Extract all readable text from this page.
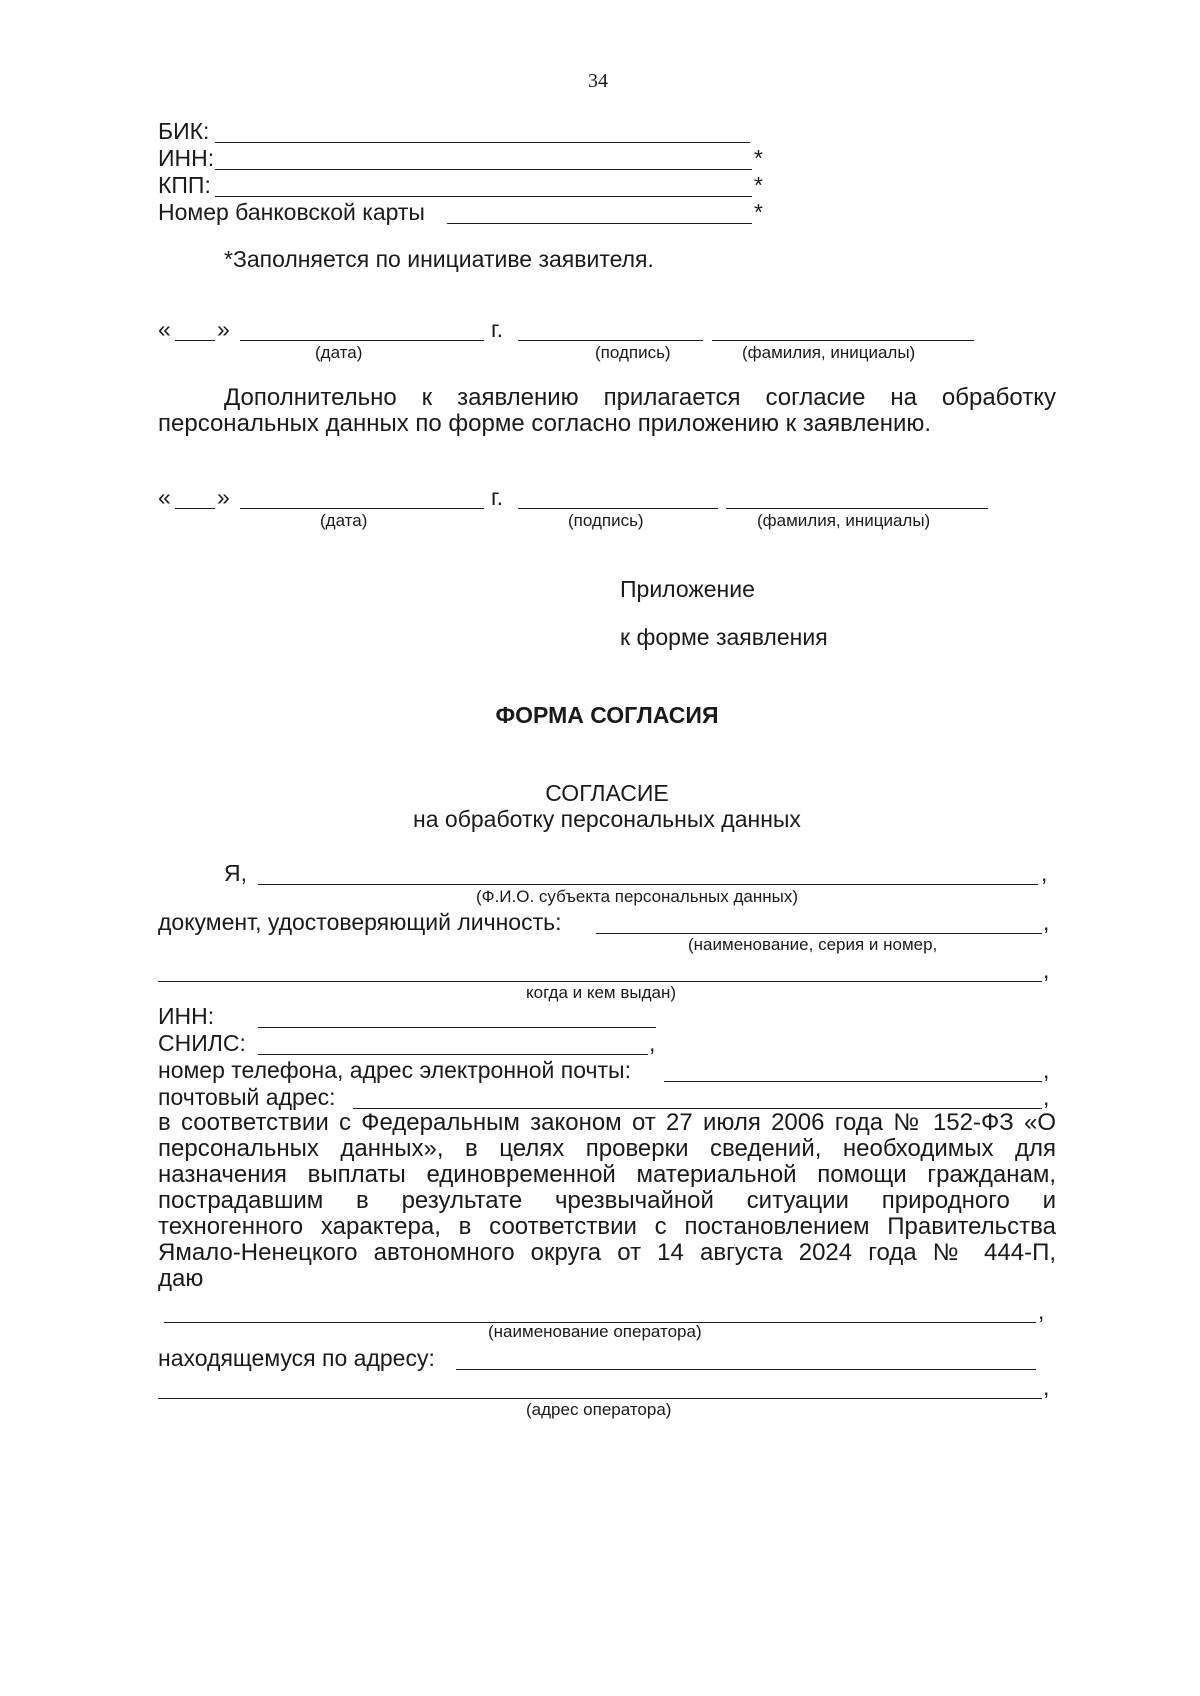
34
БИК:
ИНН:	*
КПП:	*
Номер банковской карты	*
*Заполняется по инициативе заявителя.
« »	г.
(дата)	(подпись)	(фамилия, инициалы)
Дополнительно к заявлению прилагается согласие на обработку
персональных данных по форме согласно приложению к заявлению.
« »	г.
(дата)	(подпись)	(фамилия, инициалы)
Приложение
к форме заявления
ФОРМА СОГЛАСИЯ
СОГЛАСИЕ
на обработку персональных данных
Я,	,
(Ф.И.О. субъекта персональных данных)
документ, удостоверяющий личность:	,
(наименование, серия и номер,
,
когда и кем выдан)
ИНН:
СНИЛС:	,
номер телефона, адрес электронной почты:	,
почтовый адрес:	,
в соответствии с Федеральным законом от 27 июля 2006 года № 152-ФЗ «О
персональных данных», в целях проверки сведений, необходимых для
назначения выплаты единовременной материальной помощи гражданам,
пострадавшим в результате чрезвычайной ситуации природного и
техногенного характера, в соответствии с постановлением Правительства
Ямало-Ненецкого автономного округа от 14 августа 2024 года № 444-П,
даю
,
(наименование оператора)
находящемуся по адресу:
,
(адрес оператора)
